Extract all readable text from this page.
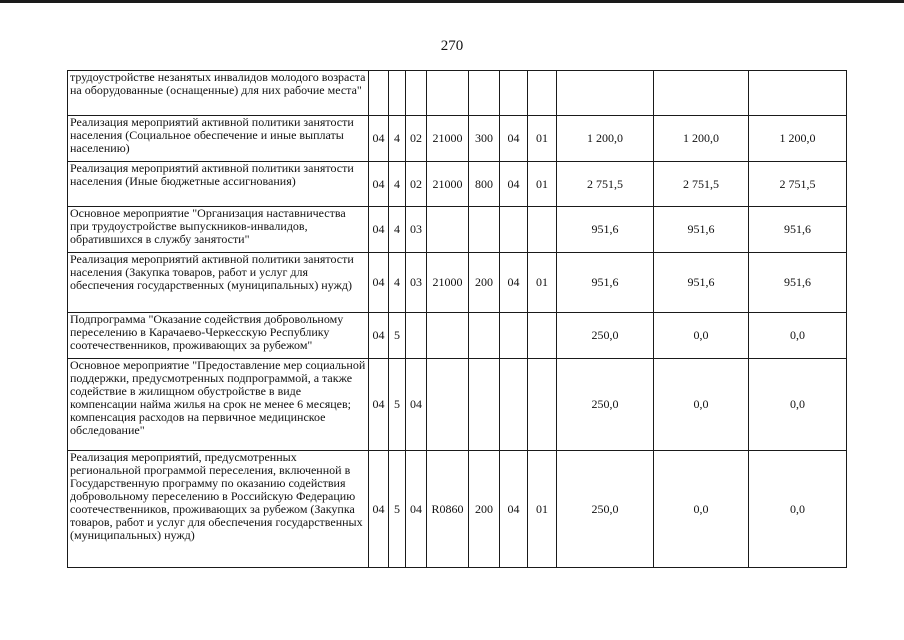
270
трудоустройстве незанятых инвалидов молодого возраста на оборудованные (оснащенные) для них рабочие места"										
Реализация мероприятий активной политики занятости населения (Социальное обеспечение и иные выплаты населению)	04	4	02	21000	300	04	01	1 200,0	1 200,0	1 200,0
Реализация мероприятий активной политики занятости населения (Иные бюджетные ассигнования)	04	4	02	21000	800	04	01	2 751,5	2 751,5	2 751,5
Основное мероприятие "Организация наставничества при трудоустройстве выпускников-инвалидов, обратившихся в службу занятости"	04	4	03					951,6	951,6	951,6
Реализация мероприятий активной политики занятости населения (Закупка товаров, работ и услуг для обеспечения государственных (муниципальных) нужд)	04	4	03	21000	200	04	01	951,6	951,6	951,6
Подпрограмма "Оказание содействия добровольному переселению в Карачаево-Черкесскую Республику соотечественников, проживающих за рубежом"	04	5						250,0	0,0	0,0
Основное мероприятие "Предоставление мер социальной поддержки, предусмотренных подпрограммой, а также содействие в жилищном обустройстве в виде компенсации найма жилья на срок не менее 6 месяцев; компенсация расходов на первичное медицинское обследование"	04	5	04					250,0	0,0	0,0
Реализация мероприятий, предусмотренных региональной программой переселения, включенной в Государственную программу по оказанию содействия добровольному переселению в Российскую Федерацию соотечественников, проживающих за рубежом (Закупка товаров, работ и услуг для обеспечения государственных (муниципальных) нужд)	04	5	04	R0860	200	04	01	250,0	0,0	0,0
